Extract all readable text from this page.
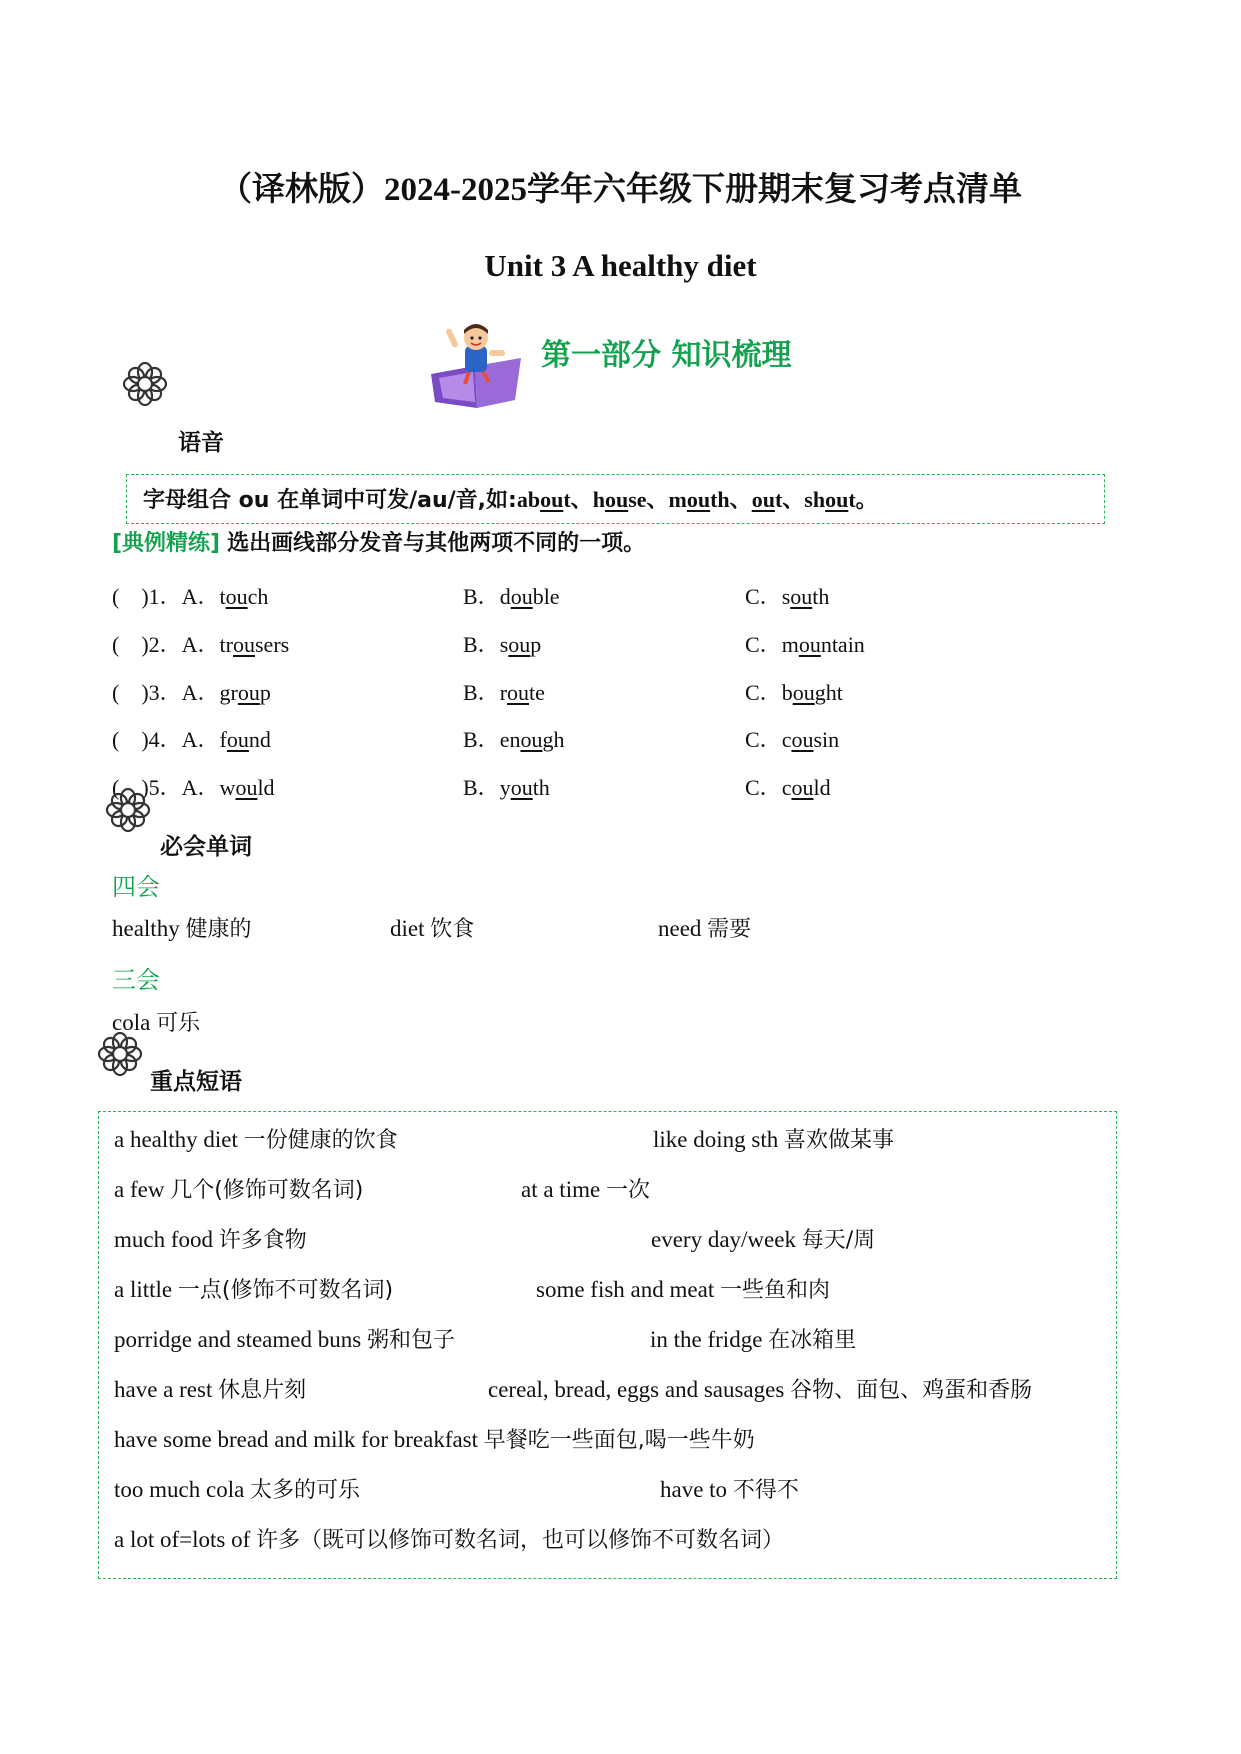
（译林版）2024-2025学年六年级下册期末复习考点清单
Unit 3 A healthy diet
第一部分 知识梳理
语音
字母组合 ou 在单词中可发/au/音,如:about、house、mouth、out、shout。
[典例精练] 选出画线部分发音与其他两项不同的一项。
(　)1．A．touch	B．double	C．south
(　)2．A．trousers	B．soup	C．mountain
(　)3．A．group	B．route	C．bought
(　)4．A．found	B．enough	C．cousin
(　)5．A．would	B．youth	C．could
必会单词
四会
healthy 健康的	diet 饮食	need 需要
三会
cola 可乐
重点短语
a healthy diet 一份健康的饮食	like doing sth 喜欢做某事
a few 几个(修饰可数名词)	at a time 一次
much food 许多食物	every day/week 每天/周
a little 一点(修饰不可数名词)	some fish and meat 一些鱼和肉
porridge and steamed buns 粥和包子	in the fridge 在冰箱里
have a rest 休息片刻	cereal, bread, eggs and sausages 谷物、面包、鸡蛋和香肠
have some bread and milk for breakfast 早餐吃一些面包,喝一些牛奶
too much cola 太多的可乐	have to 不得不
a lot of=lots of 许多（既可以修饰可数名词，也可以修饰不可数名词）
